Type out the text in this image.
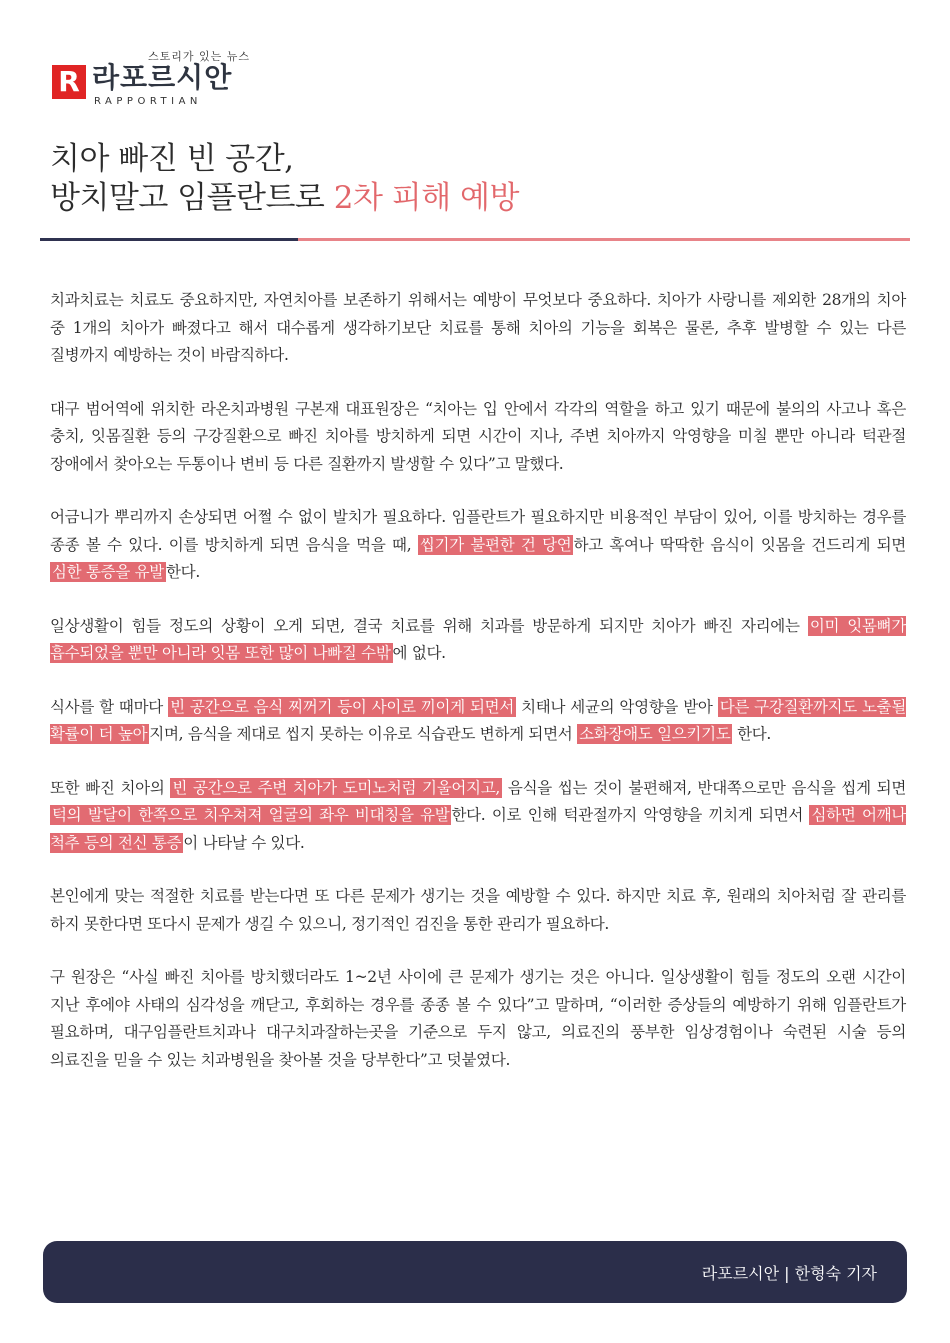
스토리가 있는 뉴스
R 라포르시안
RAPPORTIAN
치아 빠진 빈 공간,
방치말고 임플란트로 2차 피해 예방

치과치료는 치료도 중요하지만, 자연치아를 보존하기 위해서는 예방이 무엇보다 중요하다. 치아가 사랑니를 제외한 28개의 치아 중 1개의 치아가 빠졌다고 해서 대수롭게 생각하기보단 치료를 통해 치아의 기능을 회복은 물론, 추후 발병할 수 있는 다른 질병까지 예방하는 것이 바람직하다.

대구 범어역에 위치한 라온치과병원 구본재 대표원장은 “치아는 입 안에서 각각의 역할을 하고 있기 때문에 불의의 사고나 혹은 충치, 잇몸질환 등의 구강질환으로 빠진 치아를 방치하게 되면 시간이 지나, 주변 치아까지 악영향을 미칠 뿐만 아니라 턱관절 장애에서 찾아오는 두통이나 변비 등 다른 질환까지 발생할 수 있다”고 말했다.

어금니가 뿌리까지 손상되면 어쩔 수 없이 발치가 필요하다. 임플란트가 필요하지만 비용적인 부담이 있어, 이를 방치하는 경우를 종종 볼 수 있다. 이를 방치하게 되면 음식을 먹을 때, 씹기가 불편한 건 당연 하고 혹여나 딱딱한 음식이 잇몸을 건드리게 되면 심한 통증을 유발 한다.

일상생활이 힘들 정도의 상황이 오게 되면, 결국 치료를 위해 치과를 방문하게 되지만 치아가 빠진 자리에는 이미 잇몸뼈가 흡수되었을 뿐만 아니라 잇몸 또한 많이 나빠질 수밖 에 없다.

식사를 할 때마다 빈 공간으로 음식 찌꺼기 등이 사이로 끼이게 되면서 치태나 세균의 악영향을 받아 다른 구강질환까지도 노출될 확률이 더 높아 지며, 음식을 제대로 씹지 못하는 이유로 식습관도 변하게 되면서 소화장애도 일으키기도 한다.

또한 빠진 치아의 빈 공간으로 주변 치아가 도미노처럼 기울어지고, 음식을 씹는 것이 불편해져, 반대쪽으로만 음식을 씹게 되면 턱의 발달이 한쪽으로 치우쳐져 얼굴의 좌우 비대칭을 유발 한다. 이로 인해 턱관절까지 악영향을 끼치게 되면서 심하면 어깨나 척추 등의 전신 통증 이 나타날 수 있다.

본인에게 맞는 적절한 치료를 받는다면 또 다른 문제가 생기는 것을 예방할 수 있다. 하지만 치료 후, 원래의 치아처럼 잘 관리를 하지 못한다면 또다시 문제가 생길 수 있으니, 정기적인 검진을 통한 관리가 필요하다.

구 원장은 “사실 빠진 치아를 방치했더라도 1~2년 사이에 큰 문제가 생기는 것은 아니다. 일상생활이 힘들 정도의 오랜 시간이 지난 후에야 사태의 심각성을 깨닫고, 후회하는 경우를 종종 볼 수 있다”고 말하며, “이러한 증상들의 예방하기 위해 임플란트가 필요하며, 대구임플란트치과나 대구치과잘하는곳을 기준으로 두지 않고, 의료진의 풍부한 임상경험이나 숙련된 시술 등의 의료진을 믿을 수 있는 치과병원을 찾아볼 것을 당부한다”고 덧붙였다.

라포르시안 | 한형숙 기자
